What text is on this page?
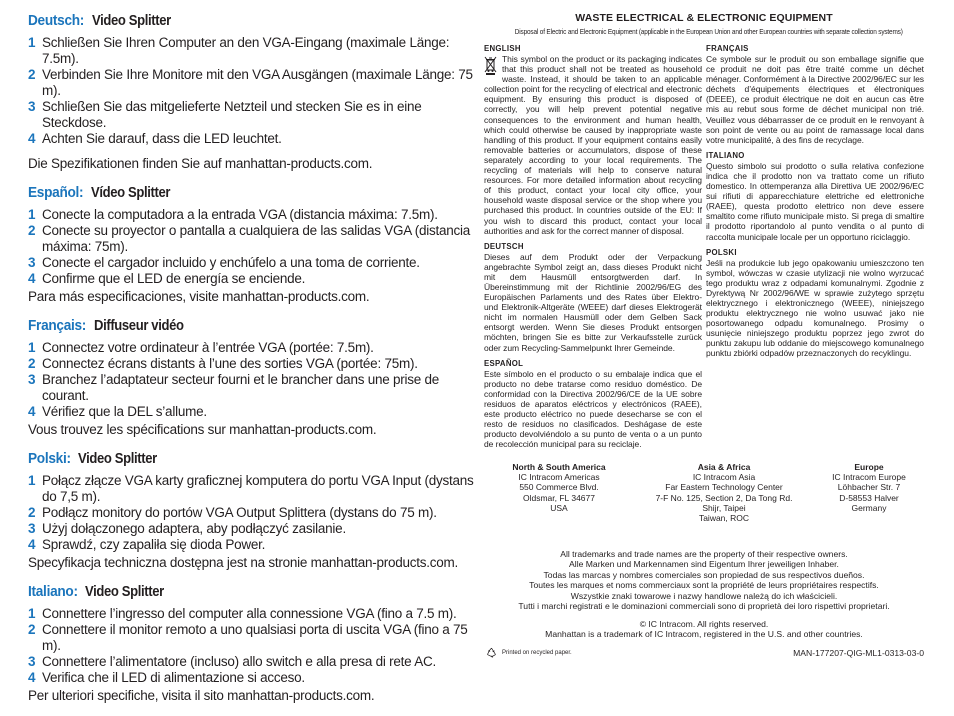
Deutsch:
Video Splitter
1 Schließen Sie Ihren Computer an den VGA-Eingang (maximale Länge: 7.5m).
2 Verbinden Sie Ihre Monitore mit den VGA Ausgängen (maximale Länge: 75 m).
3 Schließen Sie das mitgelieferte Netzteil und stecken Sie es in eine Steckdose.
4 Achten Sie darauf, dass die LED leuchtet.

Die Spezifikationen finden Sie auf manhattan-products.com.

Español:
Vídeo Splitter
1 Conecte la computadora a la entrada VGA (distancia máxima: 7.5m).
2 Conecte su proyector o pantalla a cualquiera de las salidas VGA (distancia máxima: 75m).
3 Conecte el cargador incluido y enchúfelo a una toma de corriente.
4 Confirme que el LED de energía se enciende.

Para más especificaciones, visite manhattan-products.com.

Français:
Diffuseur vidéo
1 Connectez votre ordinateur à l’entrée VGA (portée: 7.5m).
2 Connectez écrans distants à l’une des sorties VGA (portée: 75m).
3 Branchez l’adaptateur secteur fourni et le brancher dans une prise de courant.
4 Vérifiez que la DEL s’allume.

Vous trouvez les spécifications sur manhattan-products.com.

Polski:
Video Splitter
1 Połącz złącze VGA karty graficznej komputera do portu VGA Input (dystans do 7,5 m).
2 Podłącz monitory do portów VGA Output Splittera (dystans do 75 m).
3 Użyj dołączonego adaptera, aby podłączyć zasilanie.
4 Sprawdź, czy zapaliła się dioda Power.

Specyfikacja techniczna dostępna jest na stronie manhattan-products.com.

Italiano:
Video Splitter
1 Connettere l’ingresso del computer alla connessione VGA (fino a 7.5 m).
2 Connettere il monitor remoto a uno qualsiasi porta di uscita VGA (fino a 75 m).
3 Connettere l’alimentatore (incluso) allo switch e alla presa di rete AC.
4 Verifica che il LED di alimentazione si acceso.

Per ulteriori specifiche, visita il sito manhattan-products.com.

WASTE ELECTRICAL & ELECTRONIC EQUIPMENT
Disposal of Electric and Electronic Equipment (applicable in the European Union and other European countries with separate collection systems)
ENGLISH
This symbol on the product or its packaging indicates that this product shall not be treated as household waste. Instead, it should be taken to an applicable collection point for the recycling of electrical and electronic equipment. By ensuring this product is disposed of correctly, you will help prevent potential negative consequences to the environment and human health, which could otherwise be caused by inappropriate waste handling of this product. If your equipment contains easily removable batteries or accumulators, dispose of these separately according to your local requirements. The recycling of materials will help to conserve natural resources. For more detailed information about recycling of this product, contact your local city office, your household waste disposal service or the shop where you purchased this product. In countries outside of the EU: If you wish to discard this product, contact your local authorities and ask for the correct manner of disposal.
DEUTSCH
Dieses auf dem Produkt oder der Verpackung angebrachte Symbol zeigt an, dass dieses Produkt nicht mit dem Hausmüll entsorgtwerden darf. In Übereinstimmung mit der Richtlinie 2002/96/EG des Europäischen Parlaments und des Rates über Elektro- und Elektronik-Altgeräte (WEEE) darf dieses Elektrogerät nicht im normalen Hausmüll oder dem Gelben Sack entsorgt werden. Wenn Sie dieses Produkt entsorgen möchten, bringen Sie es bitte zur Verkaufsstelle zurück oder zum Recycling-Sammelpunkt Ihrer Gemeinde.
ESPAÑOL
Este símbolo en el producto o su embalaje indica que el producto no debe tratarse como residuo doméstico. De conformidad con la Directiva 2002/96/CE de la UE sobre residuos de aparatos eléctricos y electrónicos (RAEE), este producto eléctrico no puede desecharse se con el resto de residuos no clasificados. Deshágase de este producto devolviéndolo a su punto de venta o a un punto de recolección municipal para su reciclaje.
FRANÇAIS
Ce symbole sur le produit ou son emballage signifie que ce produit ne doit pas être traité comme un déchet ménager. Conformément à la Directive 2002/96/EC sur les déchets d’équipements électriques et électroniques (DEEE), ce produit électrique ne doit en aucun cas être mis au rebut sous forme de déchet municipal non trié. Veuillez vous débarrasser de ce produit en le renvoyant à son point de vente ou au point de ramassage local dans votre municipalité, à des fins de recyclage.
ITALIANO
Questo simbolo sui prodotto o sulla relativa confezione indica che il prodotto non va trattato come un rifiuto domestico. In ottemperanza alla Direttiva UE 2002/96/EC sui rifiuti di apparecchiature elettriche ed elettroniche (RAEE), questa prodotto elettrico non deve essere smaltito come rifiuto municipale misto. Si prega di smaltire il prodotto riportandolo al punto vendita o al punto di raccolta municipale locale per un opportuno riciclaggio.
POLSKI
Jeśli na produkcie lub jego opakowaniu umieszczono ten symbol, wówczas w czasie utylizacji nie wolno wyrzucać tego produktu wraz z odpadami komunalnymi. Zgodnie z Dyrektywą Nr 2002/96/WE w sprawie zużytego sprzętu elektrycznego i elektronicznego (WEEE), niniejszego produktu elektrycznego nie wolno usuwać jako nie posortowanego odpadu komunalnego. Prosimy o usunięcie niniejszego produktu poprzez jego zwrot do punktu zakupu lub oddanie do miejscowego komunalnego punktu zbiórki odpadów przeznaczonych do recyklingu.
North & South America
IC Intracom Americas
550 Commerce Blvd.
Oldsmar, FL 34677
USA
Asia & Africa
IC Intracom Asia
Far Eastern Technology Center
7-F No. 125, Section 2, Da Tong Rd.
Shijr, Taipei
Taiwan, ROC
Europe
IC Intracom Europe
Löhbacher Str. 7
D-58553 Halver
Germany
All trademarks and trade names are the property of their respective owners.
Alle Marken und Markennamen sind Eigentum Ihrer jeweiligen Inhaber.
Todas las marcas y nombres comerciales son propiedad de sus respectivos dueños.
Toutes les marques et noms commerciaux sont la propriété de leurs propriétaires respectifs.
Wszystkie znaki towarowe i nazwy handlowe należą do ich właścicieli.
Tutti i marchi registrati e le dominazioni commerciali sono di proprietà dei loro rispettivi proprietari.
© IC Intracom. All rights reserved.
Manhattan is a trademark of IC Intracom, registered in the U.S. and other countries.
Printed on recycled paper.	MAN-177207-QIG-ML1-0313-03-0
